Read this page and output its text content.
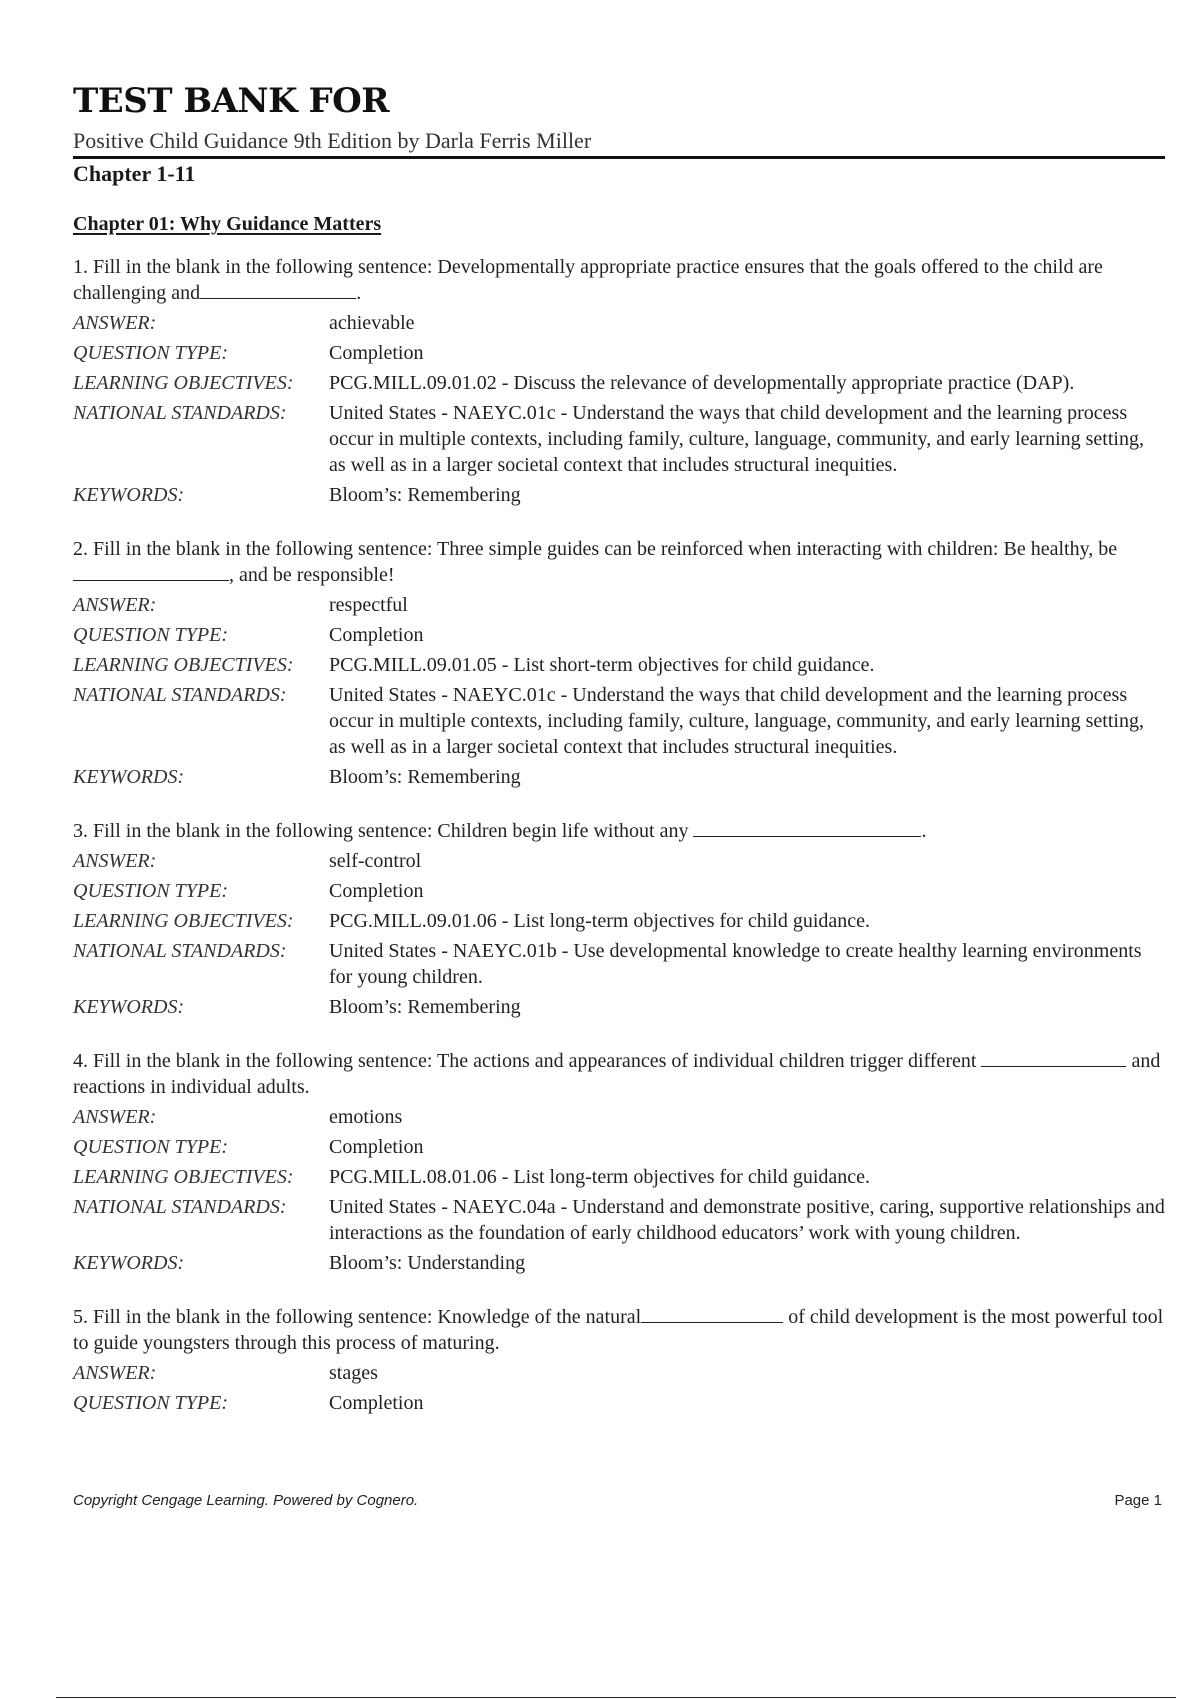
TEST BANK FOR
Positive Child Guidance 9th Edition by Darla Ferris Miller
Chapter 1-11
Chapter 01: Why Guidance Matters
1. Fill in the blank in the following sentence: Developmentally appropriate practice ensures that the goals offered to the child are challenging and	.
ANSWER:	achievable
QUESTION TYPE:	Completion
LEARNING OBJECTIVES:	PCG.MILL.09.01.02 - Discuss the relevance of developmentally appropriate practice (DAP).
NATIONAL STANDARDS:	United States - NAEYC.01c - Understand the ways that child development and the learning process occur in multiple contexts, including family, culture, language, community, and early learning setting, as well as in a larger societal context that includes structural inequities.
KEYWORDS:	Bloom’s: Remembering
2. Fill in the blank in the following sentence: Three simple guides can be reinforced when interacting with children: Be healthy, be, and be responsible!
ANSWER:	respectful
QUESTION TYPE:	Completion
LEARNING OBJECTIVES:	PCG.MILL.09.01.05 - List short-term objectives for child guidance.
NATIONAL STANDARDS:	United States - NAEYC.01c - Understand the ways that child development and the learning process occur in multiple contexts, including family, culture, language, community, and early learning setting, as well as in a larger societal context that includes structural inequities.
KEYWORDS:	Bloom’s: Remembering
3. Fill in the blank in the following sentence: Children begin life without any	.
ANSWER:	self-control
QUESTION TYPE:	Completion
LEARNING OBJECTIVES:	PCG.MILL.09.01.06 - List long-term objectives for child guidance.
NATIONAL STANDARDS:	United States - NAEYC.01b - Use developmental knowledge to create healthy learning environments for young children.
KEYWORDS:	Bloom’s: Remembering
4. Fill in the blank in the following sentence: The actions and appearances of individual children trigger different	and reactions in individual adults.
ANSWER:	emotions
QUESTION TYPE:	Completion
LEARNING OBJECTIVES:	PCG.MILL.08.01.06 - List long-term objectives for child guidance.
NATIONAL STANDARDS:	United States - NAEYC.04a - Understand and demonstrate positive, caring, supportive relationships and interactions as the foundation of early childhood educators’ work with young children.
KEYWORDS:	Bloom’s: Understanding
5. Fill in the blank in the following sentence: Knowledge of the natural	of child development is the most powerful tool to guide youngsters through this process of maturing.
ANSWER:	stages
QUESTION TYPE:	Completion
Copyright Cengage Learning. Powered by Cognero.	Page 1
